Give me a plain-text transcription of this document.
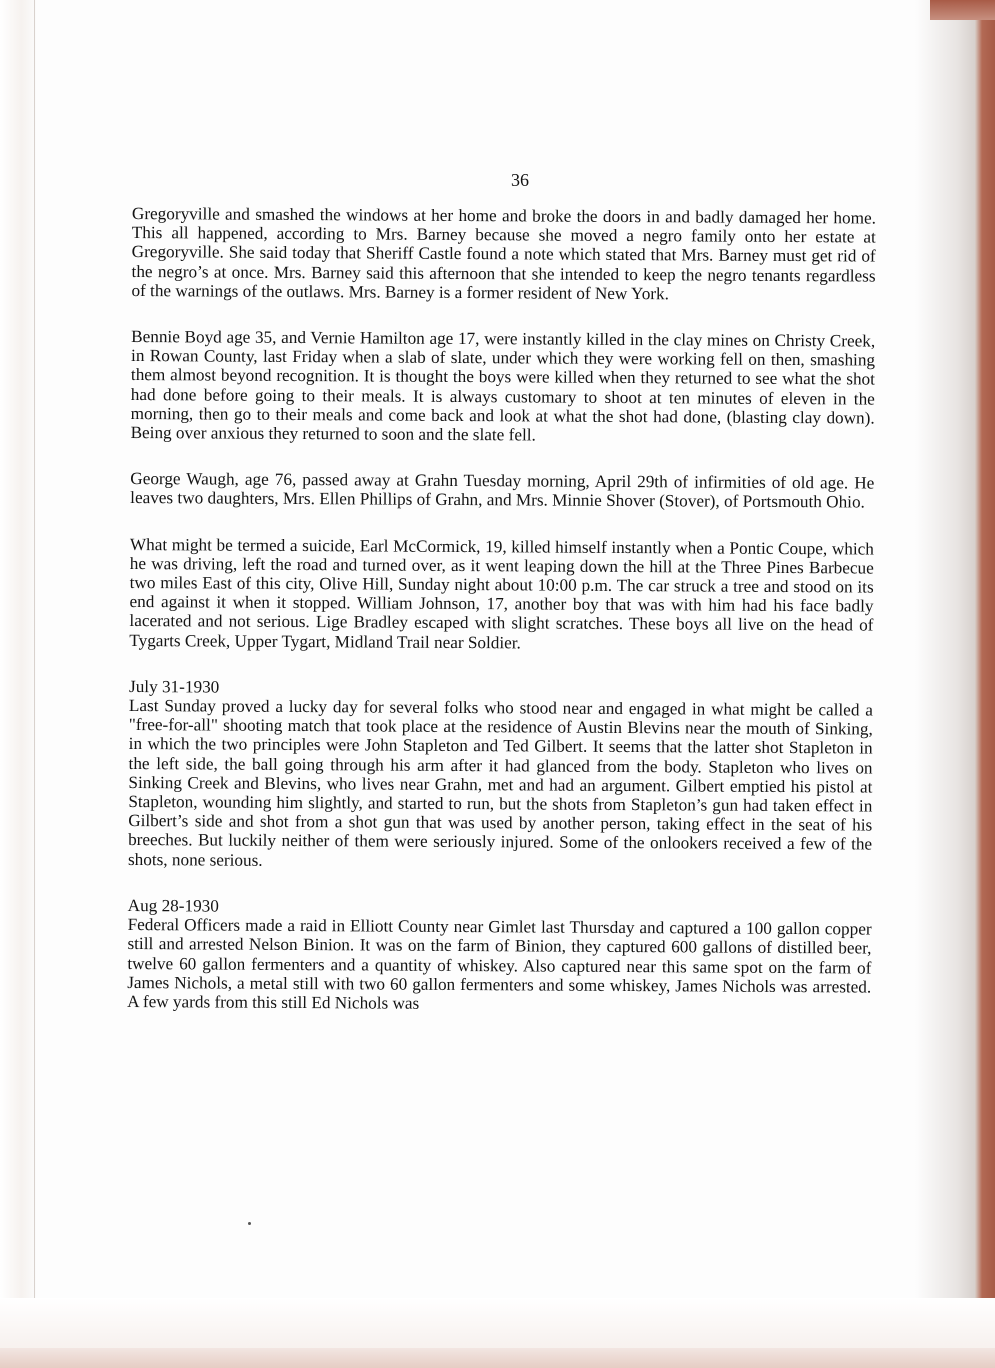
36

Gregoryville and smashed the windows at her home and broke the doors in and badly damaged her home. This all happened, according to Mrs. Barney because she moved a negro family onto her estate at Gregoryville. She said today that Sheriff Castle found a note which stated that Mrs. Barney must get rid of the negro’s at once. Mrs. Barney said this afternoon that she intended to keep the negro tenants regardless of the warnings of the outlaws. Mrs. Barney is a former resident of New York.

Bennie Boyd age 35, and Vernie Hamilton age 17, were instantly killed in the clay mines on Christy Creek, in Rowan County, last Friday when a slab of slate, under which they were working fell on then, smashing them almost beyond recognition. It is thought the boys were killed when they returned to see what the shot had done before going to their meals. It is always customary to shoot at ten minutes of eleven in the morning, then go to their meals and come back and look at what the shot had done, (blasting clay down). Being over anxious they returned to soon and the slate fell.

George Waugh, age 76, passed away at Grahn Tuesday morning, April 29th of infirmities of old age. He leaves two daughters, Mrs. Ellen Phillips of Grahn, and Mrs. Minnie Shover (Stover), of Portsmouth Ohio.

What might be termed a suicide, Earl McCormick, 19, killed himself instantly when a Pontic Coupe, which he was driving, left the road and turned over, as it went leaping down the hill at the Three Pines Barbecue two miles East of this city, Olive Hill, Sunday night about 10:00 p.m. The car struck a tree and stood on its end against it when it stopped. William Johnson, 17, another boy that was with him had his face badly lacerated and not serious. Lige Bradley escaped with slight scratches. These boys all live on the head of Tygarts Creek, Upper Tygart, Midland Trail near Soldier.

July 31-1930

Last Sunday proved a lucky day for several folks who stood near and engaged in what might be called a "free-for-all" shooting match that took place at the residence of Austin Blevins near the mouth of Sinking, in which the two principles were John Stapleton and Ted Gilbert. It seems that the latter shot Stapleton in the left side, the ball going through his arm after it had glanced from the body. Stapleton who lives on Sinking Creek and Blevins, who lives near Grahn, met and had an argument. Gilbert emptied his pistol at Stapleton, wounding him slightly, and started to run, but the shots from Stapleton’s gun had taken effect in Gilbert’s side and shot from a shot gun that was used by another person, taking effect in the seat of his breeches. But luckily neither of them were seriously injured. Some of the onlookers received a few of the shots, none serious.

Aug 28-1930

Federal Officers made a raid in Elliott County near Gimlet last Thursday and captured a 100 gallon copper still and arrested Nelson Binion. It was on the farm of Binion, they captured 600 gallons of distilled beer, twelve 60 gallon fermenters and a quantity of whiskey. Also captured near this same spot on the farm of James Nichols, a metal still with two 60 gallon fermenters and some whiskey, James Nichols was arrested. A few yards from this still Ed Nichols was
